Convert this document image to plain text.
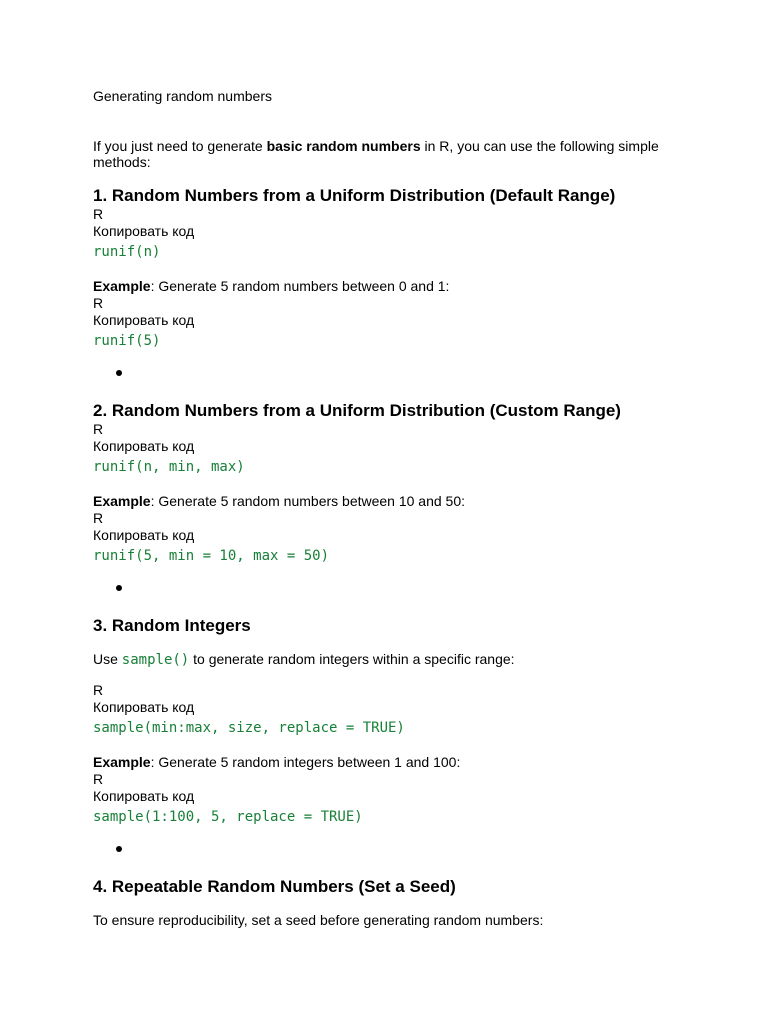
Generating random numbers

If you just need to generate basic random numbers in R, you can use the following simple methods:

1. Random Numbers from a Uniform Distribution (Default Range)

R

Копировать код

runif(n)

Example: Generate 5 random numbers between 0 and 1:

R

Копировать код

runif(5)

2. Random Numbers from a Uniform Distribution (Custom Range)

R

Копировать код

runif(n, min, max)

Example: Generate 5 random numbers between 10 and 50:

R

Копировать код

runif(5, min = 10, max = 50)

3. Random Integers

Use sample() to generate random integers within a specific range:

R

Копировать код

sample(min:max, size, replace = TRUE)

Example: Generate 5 random integers between 1 and 100:

R

Копировать код

sample(1:100, 5, replace = TRUE)

4. Repeatable Random Numbers (Set a Seed)

To ensure reproducibility, set a seed before generating random numbers:
